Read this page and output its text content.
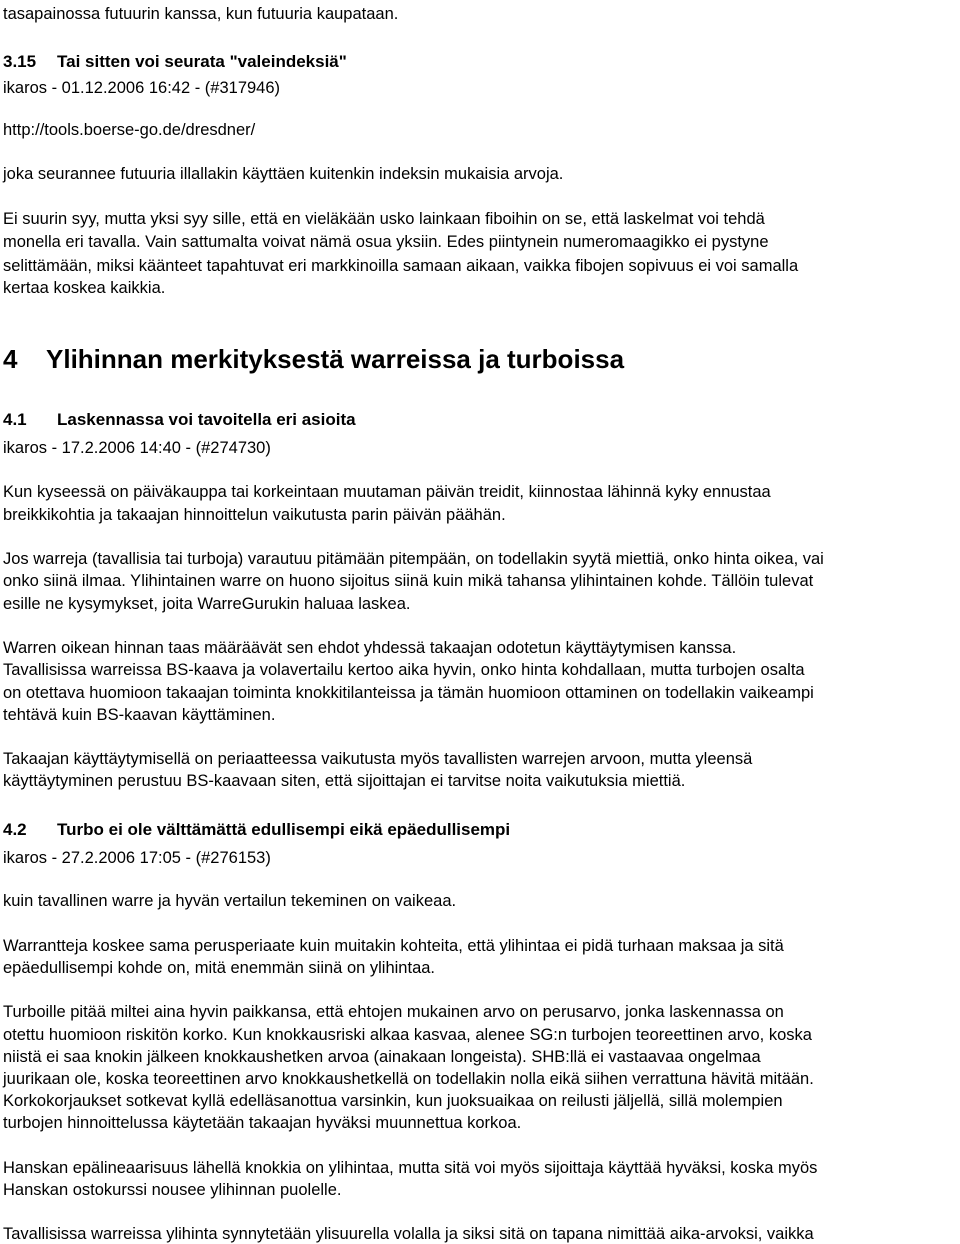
tasapainossa futuurin kanssa, kun futuuria kaupataan.

3.15 Tai sitten voi seurata "valeindeksiä"

ikaros - 01.12.2006 16:42 - (#317946)

http://tools.boerse-go.de/dresdner/

joka seurannee futuuria illallakin käyttäen kuitenkin indeksin mukaisia arvoja.

Ei suurin syy, mutta yksi syy sille, että en vieläkään usko lainkaan fiboihin on se, että laskelmat voi tehdä

monella eri tavalla. Vain sattumalta voivat nämä osua yksiin. Edes piintynein numeromaagikko ei pystyne

selittämään, miksi käänteet tapahtuvat eri markkinoilla samaan aikaan, vaikka fibojen sopivuus ei voi samalla

kertaa koskea kaikkia.

4 Ylihinnan merkityksestä warreissa ja turboissa

4.1 Laskennassa voi tavoitella eri asioita

ikaros - 17.2.2006 14:40 - (#274730)

Kun kyseessä on päiväkauppa tai korkeintaan muutaman päivän treidit, kiinnostaa lähinnä kyky ennustaa

breikkikohtia ja takaajan hinnoittelun vaikutusta parin päivän päähän.

Jos warreja (tavallisia tai turboja) varautuu pitämään pitempään, on todellakin syytä miettiä, onko hinta oikea, vai

onko siinä ilmaa. Ylihintainen warre on huono sijoitus siinä kuin mikä tahansa ylihintainen kohde. Tällöin tulevat

esille ne kysymykset, joita WarreGurukin haluaa laskea.

Warren oikean hinnan taas määräävät sen ehdot yhdessä takaajan odotetun käyttäytymisen kanssa.

Tavallisissa warreissa BS-kaava ja volavertailu kertoo aika hyvin, onko hinta kohdallaan, mutta turbojen osalta

on otettava huomioon takaajan toiminta knokkitilanteissa ja tämän huomioon ottaminen on todellakin vaikeampi

tehtävä kuin BS-kaavan käyttäminen.

Takaajan käyttäytymisellä on periaatteessa vaikutusta myös tavallisten warrejen arvoon, mutta yleensä

käyttäytyminen perustuu BS-kaavaan siten, että sijoittajan ei tarvitse noita vaikutuksia miettiä.

4.2 Turbo ei ole välttämättä edullisempi eikä epäedullisempi

ikaros - 27.2.2006 17:05 - (#276153)

kuin tavallinen warre ja hyvän vertailun tekeminen on vaikeaa.

Warrantteja koskee sama perusperiaate kuin muitakin kohteita, että ylihintaa ei pidä turhaan maksaa ja sitä

epäedullisempi kohde on, mitä enemmän siinä on ylihintaa.

Turboille pitää miltei aina hyvin paikkansa, että ehtojen mukainen arvo on perusarvo, jonka laskennassa on

otettu huomioon riskitön korko. Kun knokkausriski alkaa kasvaa, alenee SG:n turbojen teoreettinen arvo, koska

niistä ei saa knokin jälkeen knokkaushetken arvoa (ainakaan longeista). SHB:llä ei vastaavaa ongelmaa

juurikaan ole, koska teoreettinen arvo knokkaushetkellä on todellakin nolla eikä siihen verrattuna hävitä mitään.

Korkokorjaukset sotkevat kyllä edelläsanottua varsinkin, kun juoksuaikaa on reilusti jäljellä, sillä molempien

turbojen hinnoittelussa käytetään takaajan hyväksi muunnettua korkoa.

Hanskan epälineaarisuus lähellä knokkia on ylihintaa, mutta sitä voi myös sijoittaja käyttää hyväksi, koska myös

Hanskan ostokurssi nousee ylihinnan puolelle.

Tavallisissa warreissa ylihinta synnytetään ylisuurella volalla ja siksi sitä on tapana nimittää aika-arvoksi, vaikka
